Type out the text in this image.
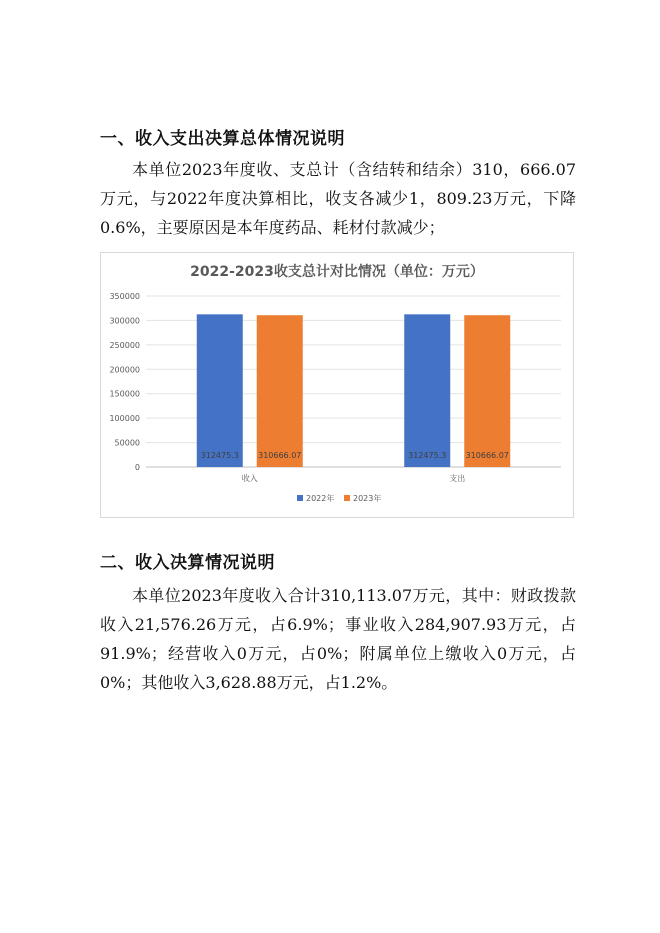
一、收入支出决算总体情况说明

本单位2023年度收、支总计（含结转和结余）310，666.07万元，与2022年度决算相比，收支各减少1，809.23万元，下降0.6%，主要原因是本年度药品、耗材付款减少；

2022-2023收支总计对比情况（单位：万元）
0
50000
100000
150000
200000
250000
300000
350000
312475.3 310666.07	312475.3 310666.07
收入	支出
2022年 2023年
二、收入决算情况说明

本单位2023年度收入合计310,113.07万元，其中：财政拨款收入21,576.26万元，占6.9%；事业收入284,907.93万元，占91.9%；经营收入0万元，占0%；附属单位上缴收入0万元，占0%；其他收入3,628.88万元，占1.2%。
